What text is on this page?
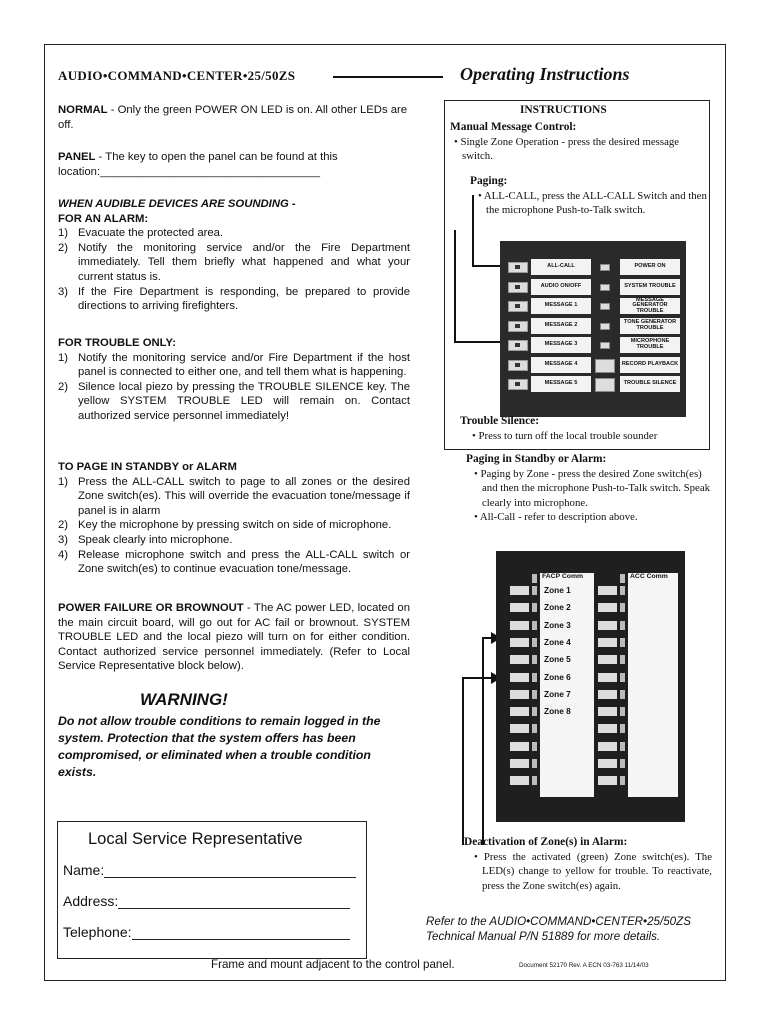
AUDIO•COMMAND•CENTER•25/50ZS	Operating Instructions

NORMAL - Only the green POWER ON LED is on. All other LEDs are off.

PANEL - The key to open the panel can be found at this location:___________________________________

WHEN AUDIBLE DEVICES ARE SOUNDING -

FOR AN ALARM:

1) Evacuate the protected area.
2) Notify the monitoring service and/or the Fire Department immediately. Tell them briefly what happened and what your current status is.
3) If the Fire Department is responding, be prepared to provide directions to arriving firefighters.

FOR TROUBLE ONLY:

1) Notify the monitoring service and/or Fire Department if the host panel is connected to either one, and tell them what is happening.
2) Silence local piezo by pressing the TROUBLE SILENCE key. The yellow SYSTEM TROUBLE LED will remain on. Contact authorized service personnel immediately!

TO PAGE IN STANDBY or ALARM

1) Press the ALL-CALL switch to page to all zones or the desired Zone switch(es). This will override the evacuation tone/message if panel is in alarm
2) Key the microphone by pressing switch on side of microphone.
3) Speak clearly into microphone.
4) Release microphone switch and press the ALL-CALL switch or Zone switch(es) to continue evacuation tone/message.

POWER FAILURE OR BROWNOUT - The AC power LED, located on the main circuit board, will go out for AC fail or brownout. SYSTEM TROUBLE LED and the local piezo will turn on for either condition. Contact authorized service personnel immediately. (Refer to Local Service Representative block below).

WARNING!
Do not allow trouble conditions to remain logged in the system. Protection that the system offers has been compromised, or eliminated when a trouble condition exists.
Local Service Representative
Name:
Address:
Telephone:
Frame and mount adjacent to the control panel.	Document 52170 Rev. A ECN 03-763 11/14/03
Refer to the AUDIO•COMMAND•CENTER•25/50ZS
Technical Manual P/N 51889 for more details.
INSTRUCTIONS

Manual Message Control:

• Single Zone Operation - press the desired message switch.

Paging:

• ALL-CALL, press the ALL-CALL Switch and then the microphone Push-to-Talk switch.

ALL-CALL
AUDIO ON/OFF
MESSAGE 1
MESSAGE 2
MESSAGE 3
MESSAGE 4
MESSAGE 5
POWER ON
SYSTEM TROUBLE
MESSAGE GENERATOR TROUBLE
TONE GENERATOR TROUBLE
MICROPHONE TROUBLE
RECORD PLAYBACK
TROUBLE SILENCE

Trouble Silence:

• Press to turn off the local trouble sounder

Paging in Standby or Alarm:

• Paging by Zone - press the desired Zone switch(es) and then the microphone Push-to-Talk switch. Speak clearly into microphone.

• All-Call - refer to description above.

FACP Comm	ACC Comm
Zone 1
Zone 2
Zone 3
Zone 4
Zone 5
Zone 6
Zone 7
Zone 8

Deactivation of Zone(s) in Alarm:

• Press the activated (green) Zone switch(es). The LED(s) change to yellow for trouble. To reactivate, press the Zone switch(es) again.
